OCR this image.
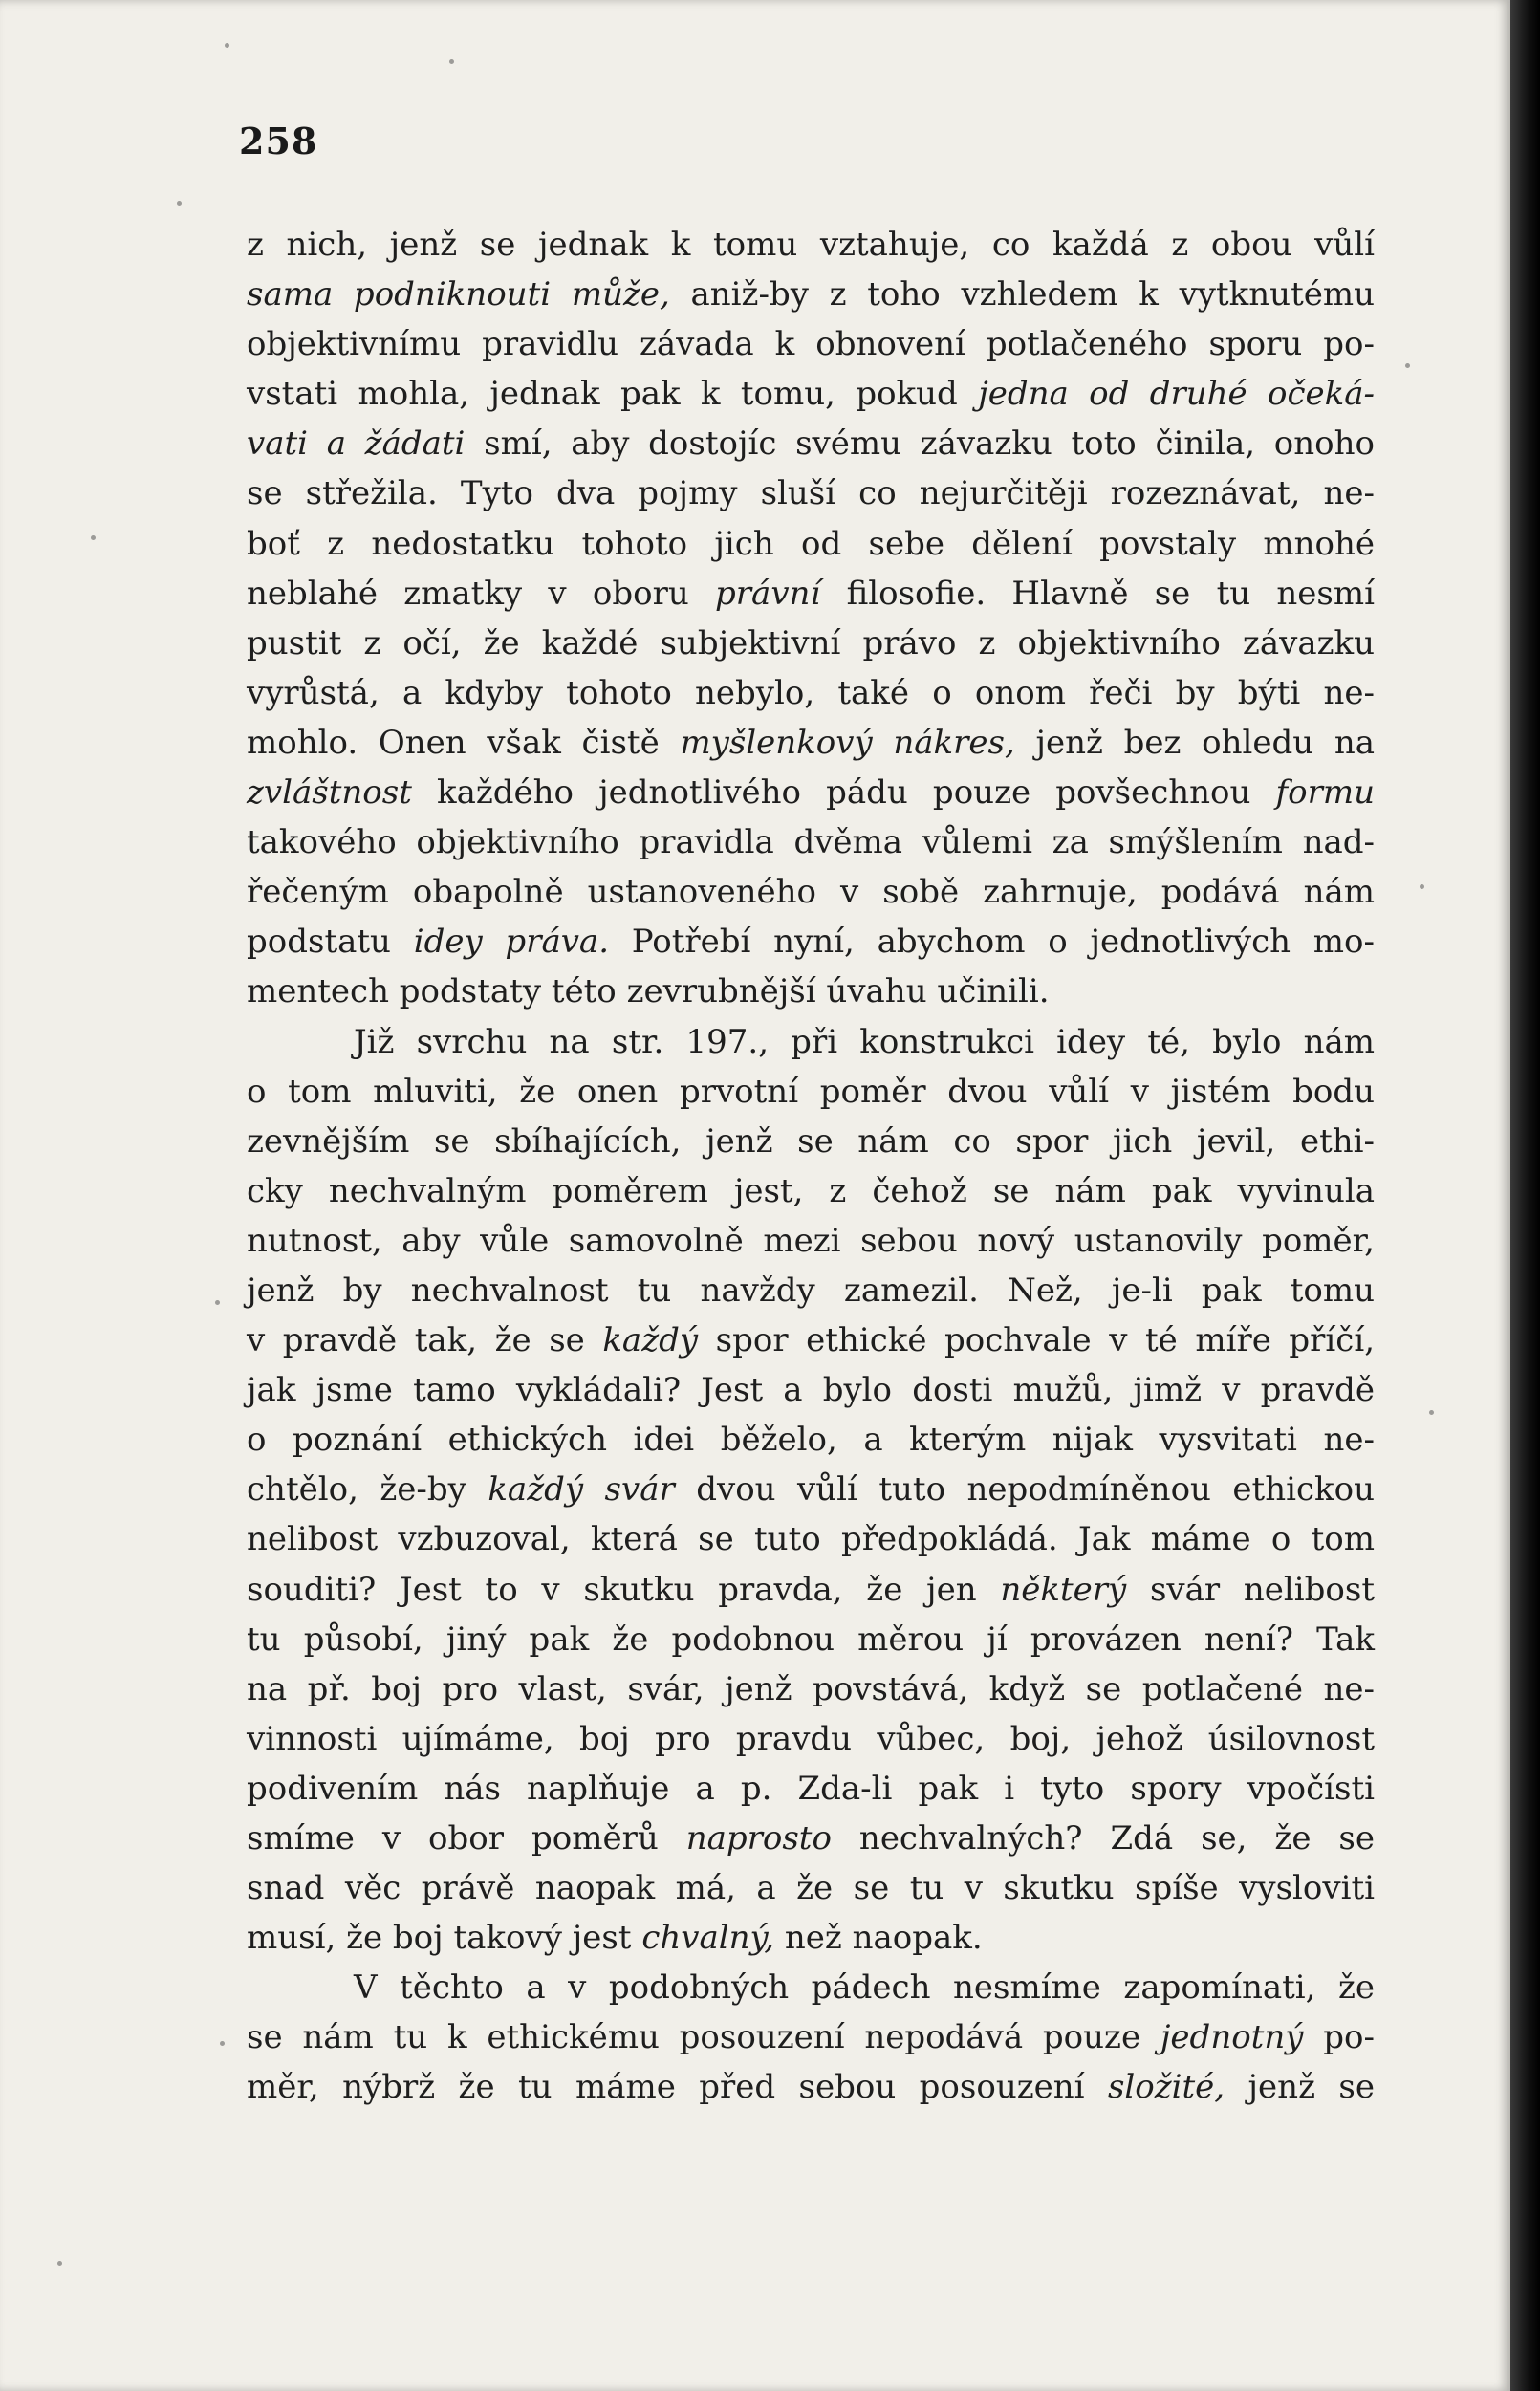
258
z nich, jenž se jednak k tomu vztahuje, co každá z obou vůlí
sama podniknouti může, aniž-by z toho vzhledem k vytknutému
objektivnímu pravidlu závada k obnovení potlačeného sporu po-
vstati mohla, jednak pak k tomu, pokud jedna od druhé očeká-
vati a žádati smí, aby dostojíc svému závazku toto činila, onoho
se střežila. Tyto dva pojmy sluší co nejurčitěji rozeznávat, ne-
boť z nedostatku tohoto jich od sebe dělení povstaly mnohé
neblahé zmatky v oboru právní filosofie. Hlavně se tu nesmí
pustit z očí, že každé subjektivní právo z objektivního závazku
vyrůstá, a kdyby tohoto nebylo, také o onom řeči by býti ne-
mohlo. Onen však čistě myšlenkový nákres, jenž bez ohledu na
zvláštnost každého jednotlivého pádu pouze povšechnou formu
takového objektivního pravidla dvěma vůlemi za smýšlením nad-
řečeným obapolně ustanoveného v sobě zahrnuje, podává nám
podstatu idey práva. Potřebí nyní, abychom o jednotlivých mo-
mentech podstaty této zevrubnější úvahu učinili.
Již svrchu na str. 197., při konstrukci idey té, bylo nám
o tom mluviti, že onen prvotní poměr dvou vůlí v jistém bodu
zevnějším se sbíhajících, jenž se nám co spor jich jevil, ethi-
cky nechvalným poměrem jest, z čehož se nám pak vyvinula
nutnost, aby vůle samovolně mezi sebou nový ustanovily poměr,
jenž by nechvalnost tu navždy zamezil. Než, je-li pak tomu
v pravdě tak, že se každý spor ethické pochvale v té míře příčí,
jak jsme tamo vykládali? Jest a bylo dosti mužů, jimž v pravdě
o poznání ethických idei běželo, a kterým nijak vysvitati ne-
chtělo, že-by každý svár dvou vůlí tuto nepodmíněnou ethickou
nelibost vzbuzoval, která se tuto předpokládá. Jak máme o tom
souditi? Jest to v skutku pravda, že jen některý svár nelibost
tu působí, jiný pak že podobnou měrou jí provázen není? Tak
na př. boj pro vlast, svár, jenž povstává, když se potlačené ne-
vinnosti ujímáme, boj pro pravdu vůbec, boj, jehož úsilovnost
podivením nás naplňuje a p. Zda-li pak i tyto spory vpočísti
smíme v obor poměrů naprosto nechvalných? Zdá se, že se
snad věc právě naopak má, a že se tu v skutku spíše vysloviti
musí, že boj takový jest chvalný, než naopak.
V těchto a v podobných pádech nesmíme zapomínati, že
se nám tu k ethickému posouzení nepodává pouze jednotný po-
měr, nýbrž že tu máme před sebou posouzení složité, jenž se
